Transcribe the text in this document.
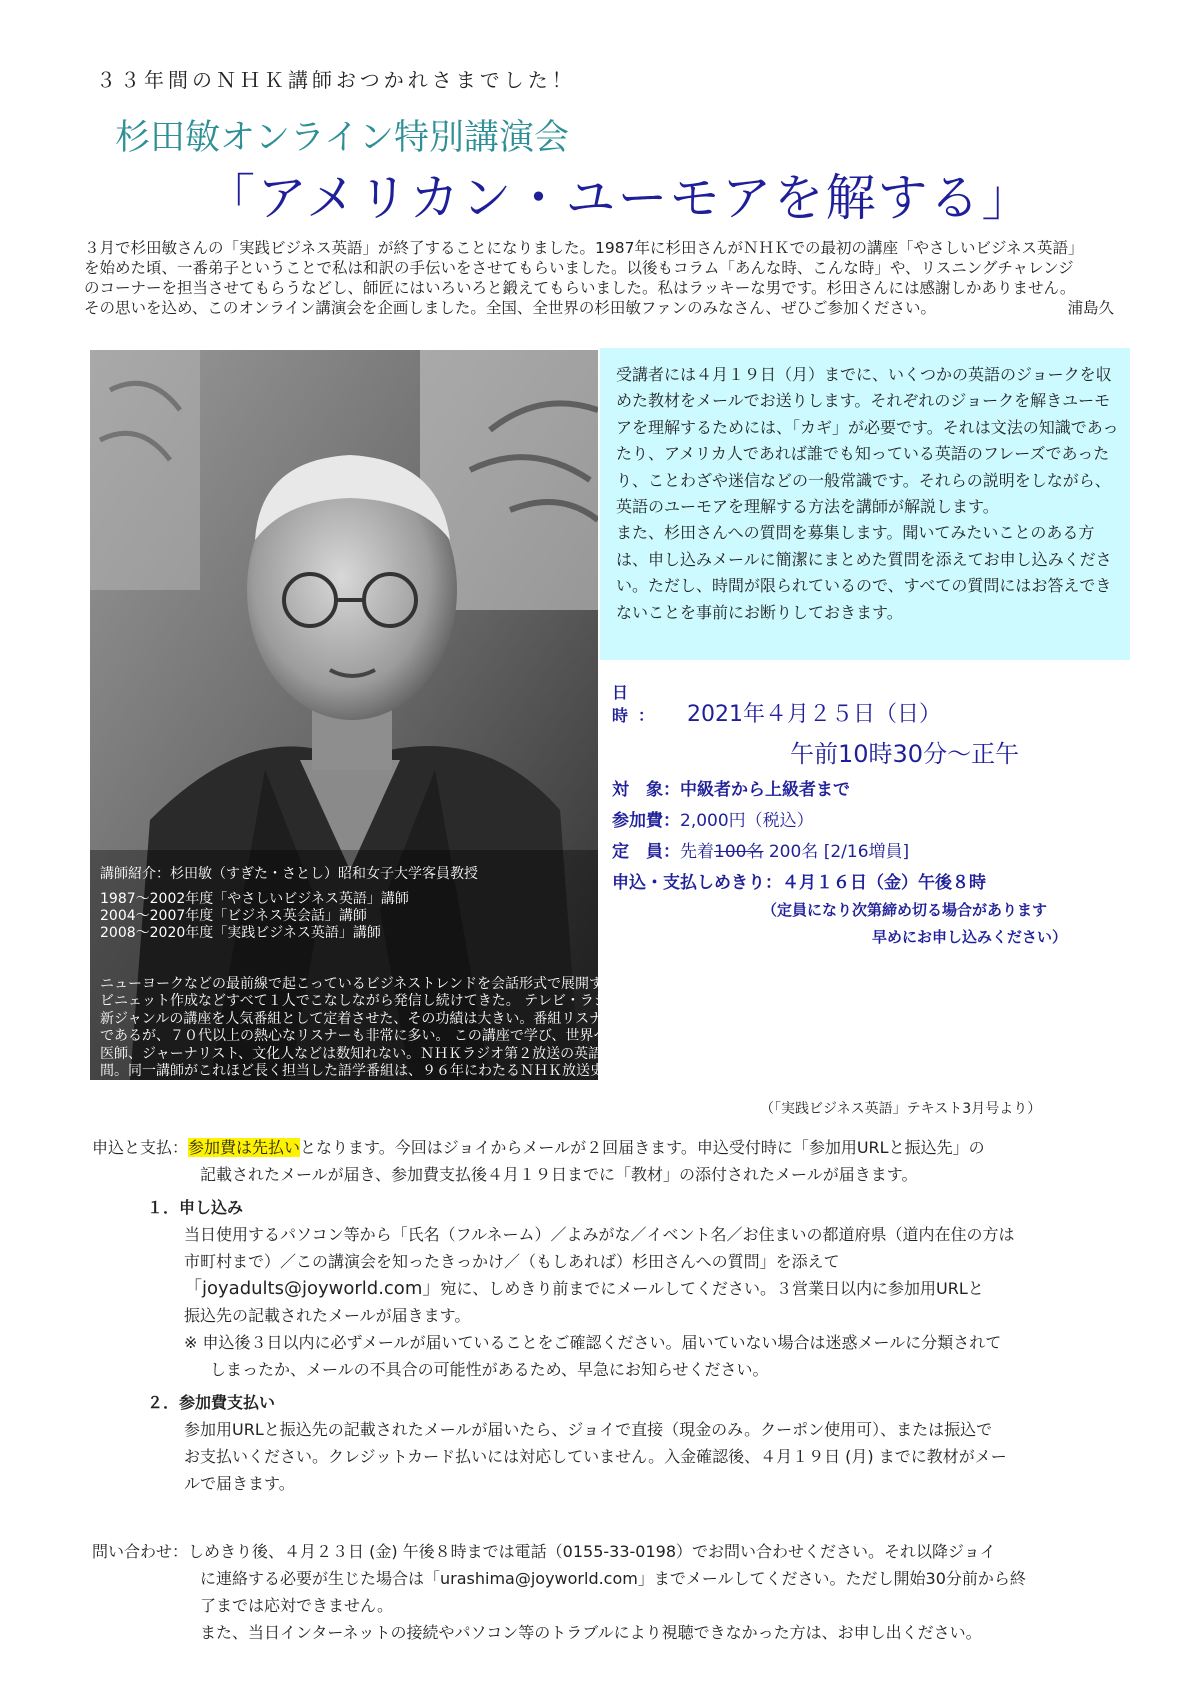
３３年間のＮＨＫ講師おつかれさまでした！
杉田敏オンライン特別講演会
「アメリカン・ユーモアを解する」

３月で杉田敏さんの「実践ビジネス英語」が終了することになりました。1987年に杉田さんがＮＨＫでの最初の講座「やさしいビジネス英語」

を始めた頃、一番弟子ということで私は和訳の手伝いをさせてもらいました。以後もコラム「あんな時、こんな時」や、リスニングチャレンジ

のコーナーを担当させてもらうなどし、師匠にはいろいろと鍛えてもらいました。私はラッキーな男です。杉田さんには感謝しかありません。

その思いを込め、このオンライン講演会を企画しました。全国、全世界の杉田敏ファンのみなさん、ぜひご参加ください。	浦島久

講師紹介：杉田敏（すぎた・さとし）昭和女子大学客員教授
1987～2002年度「やさしいビジネス英語」講師
2004～2007年度「ビジネス英会話」講師
2008～2020年度「実践ビジネス英語」講師
ニューヨークなどの最前線で起こっているビジネストレンドを会話形式で展開する、極めて情報性の高い英語講座を、テーマ設定、
ビニェット作成などすべて１人でこなしながら発信し続けてきた。 テレビ・ラジオの英語講座番組の中に「ビジネス英語」という
新ジャンルの講座を人気番組として定着させた、その功績は大きい。番組リスナーの中心は大学生から２０～５０代のビジネスパーソン
であるが、７０代以上の熱心なリスナーも非常に多い。 この講座で学び、世界へと翔び立っていったビジネスパーソン、政治家、官僚、
医師、ジャーナリスト、文化人などは数知れない。ＮＨＫラジオ第２放送の英語講師を務めた期間は、2003 年度を除いて通算３３年
間。同一講師がこれほど長く担当した語学番組は、９６年にわたるＮＨＫ放送史において他に例を見ない。
（「実践ビジネス英語」テキスト3月号より）

受講者には４月１９日（月）までに、いくつかの英語のジョークを収めた教材をメールでお送りします。それぞれのジョークを解きユーモアを理解するためには、「カギ」が必要です。それは文法の知識であったり、アメリカ人であれば誰でも知っている英語のフレーズであったり、ことわざや迷信などの一般常識です。それらの説明をしながら、英語のユーモアを理解する方法を講師が解説します。

また、杉田さんへの質問を募集します。聞いてみたいことのある方は、申し込みメールに簡潔にまとめた質問を添えてお申し込みください。ただし、時間が限られているので、すべての質問にはお答えできないことを事前にお断りしておきます。

日　時： 2021年４月２５日（日）
午前10時30分～正午
対　象：中級者から上級者まで
参加費：2,000円（税込）
定　員：先着100名 200名 [2/16増員]
申込・支払しめきり：４月１６日（金）午後８時
（定員になり次第締め切る場合があります
早めにお申し込みください）
申込と支払：参加費は先払いとなります。今回はジョイからメールが２回届きます。申込受付時に「参加用URLと振込先」の
記載されたメールが届き、参加費支払後４月１９日までに「教材」の添付されたメールが届きます。
１．申し込み
当日使用するパソコン等から「氏名（フルネーム）／よみがな／イベント名／お住まいの都道府県（道内在住の方は
市町村まで）／この講演会を知ったきっかけ／（もしあれば）杉田さんへの質問」を添えて
「joyadults@joyworld.com」宛に、しめきり前までにメールしてください。３営業日以内に参加用URLと
振込先の記載されたメールが届きます。
※ 申込後３日以内に必ずメールが届いていることをご確認ください。届いていない場合は迷惑メールに分類されて
しまったか、メールの不具合の可能性があるため、早急にお知らせください。
２．参加費支払い
参加用URLと振込先の記載されたメールが届いたら、ジョイで直接（現金のみ。クーポン使用可）、または振込で
お支払いください。クレジットカード払いには対応していません。入金確認後、４月１９日 (月) までに教材がメー
ルで届きます。
問い合わせ：しめきり後、４月２３日 (金) 午後８時までは電話（0155-33-0198）でお問い合わせください。それ以降ジョイ
に連絡する必要が生じた場合は「urashima@joyworld.com」までメールしてください。ただし開始30分前から終
了までは応対できません。
また、当日インターネットの接続やパソコン等のトラブルにより視聴できなかった方は、お申し出ください。
